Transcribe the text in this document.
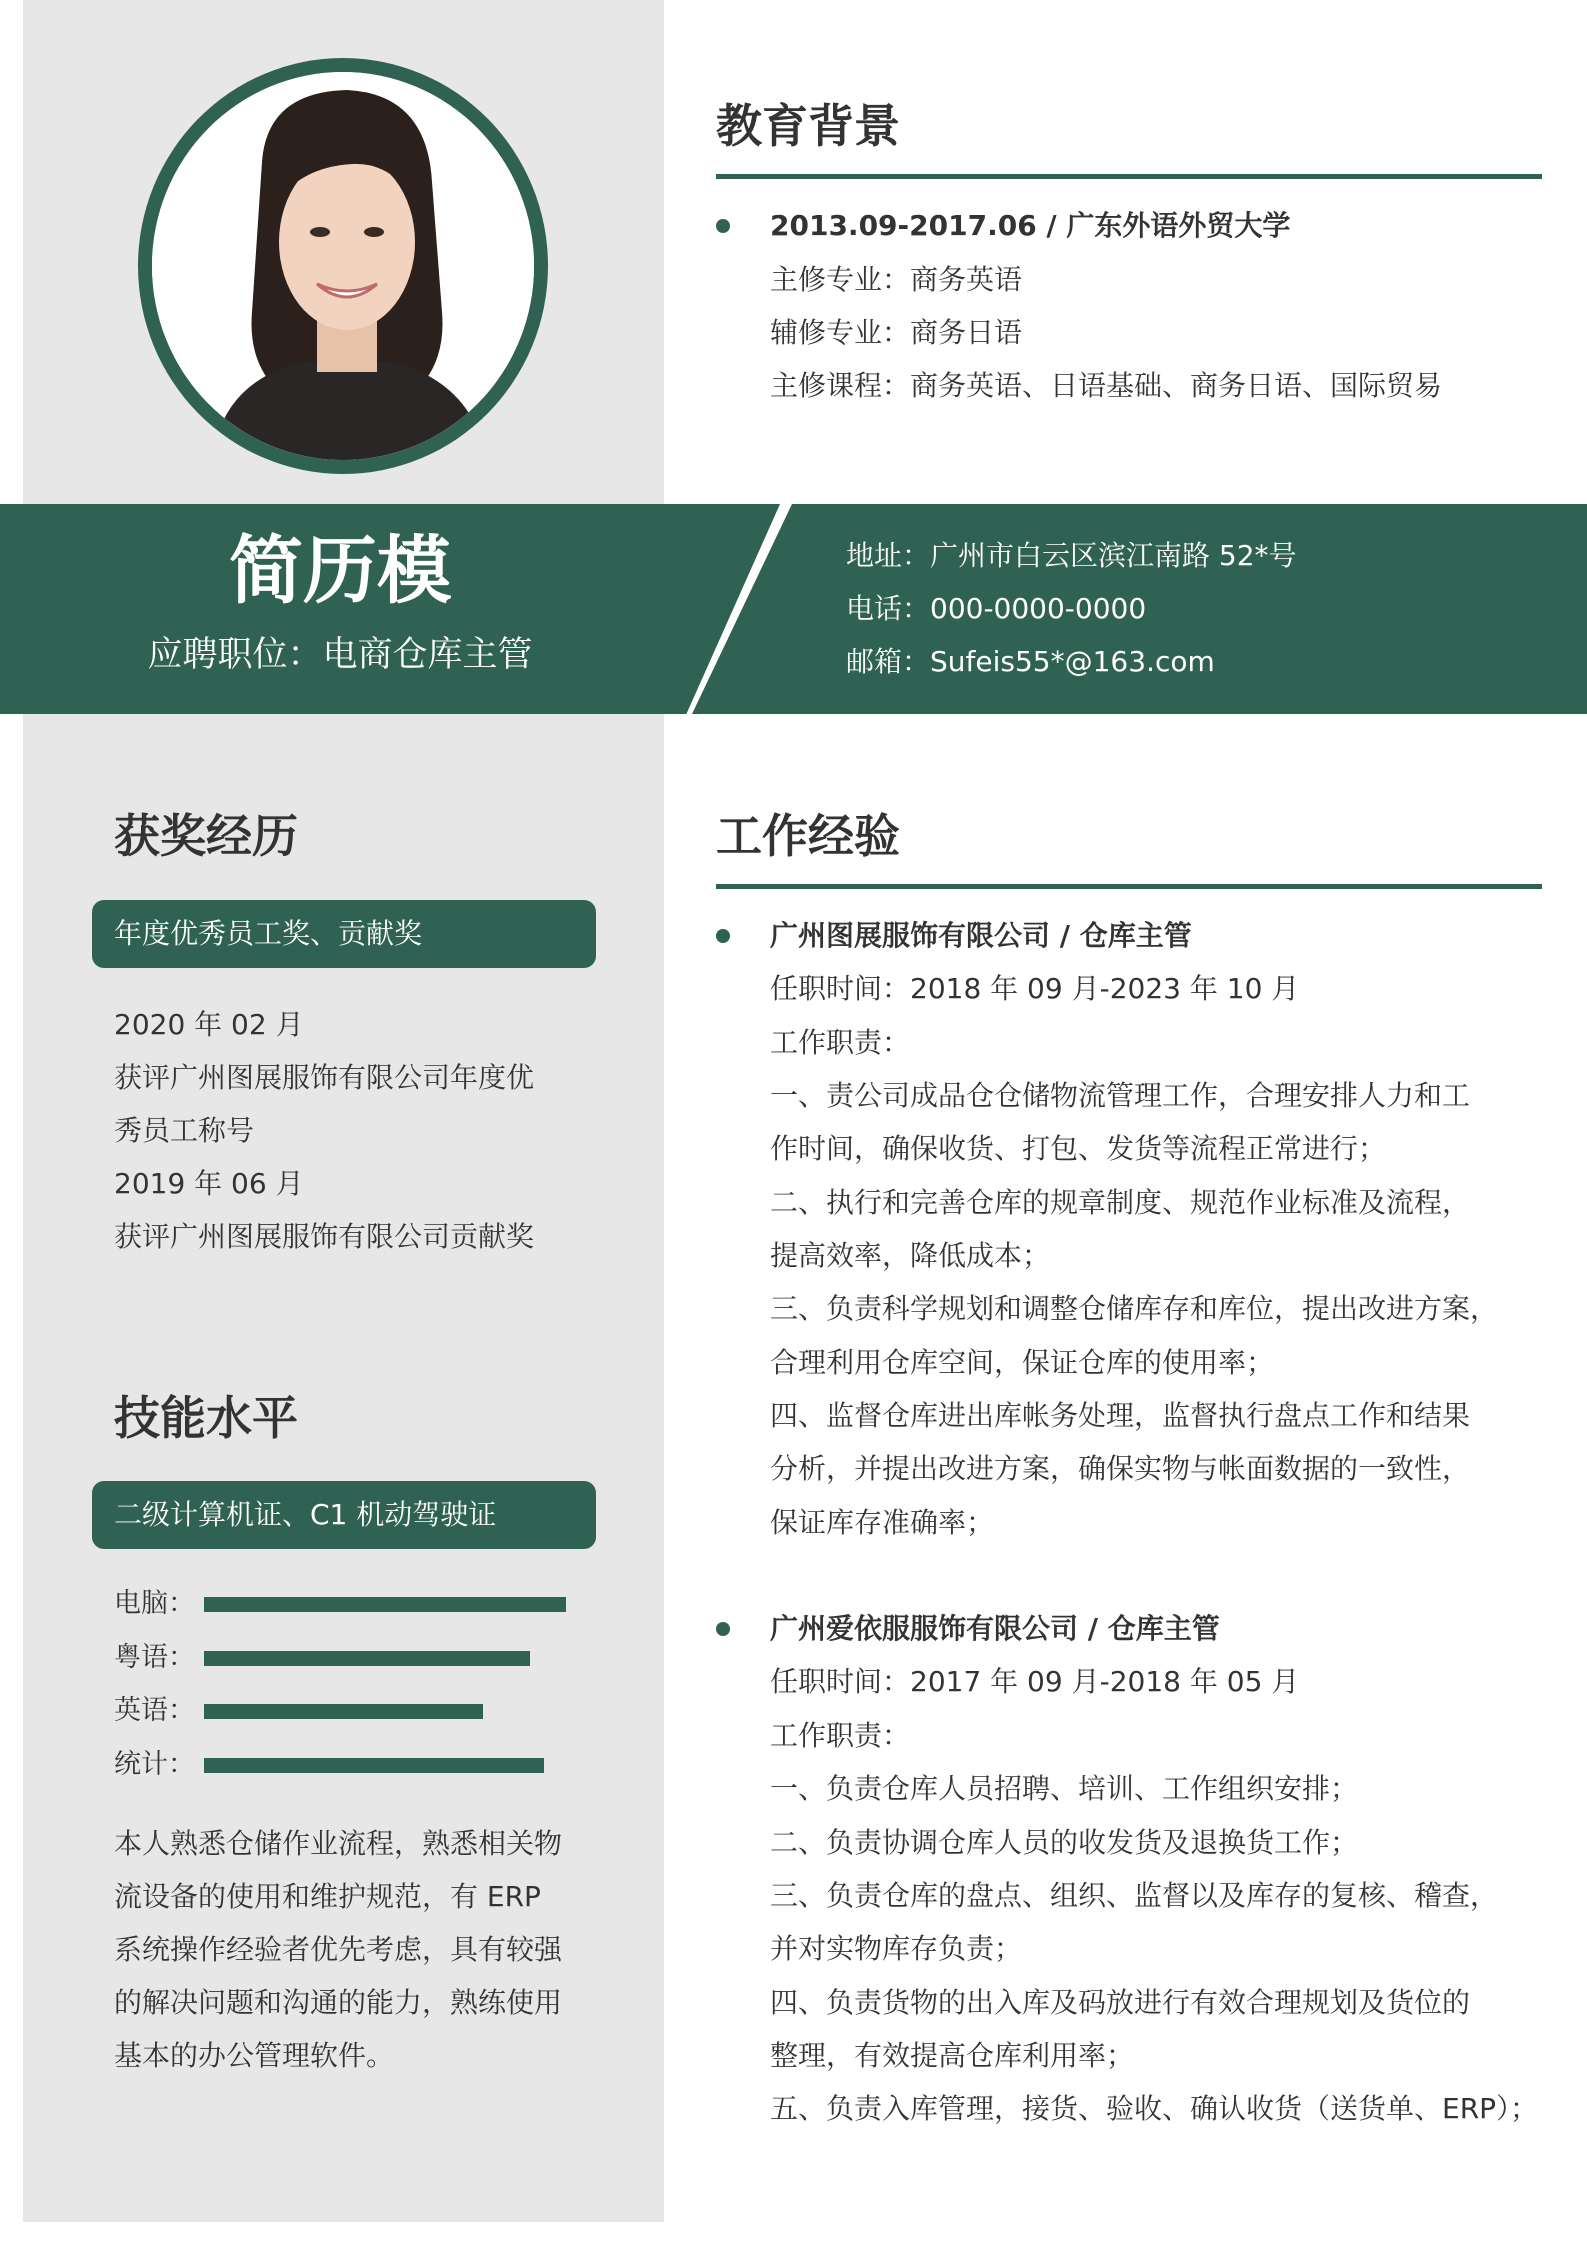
教育背景
2013.09-2017.06 / 广东外语外贸大学
主修专业：商务英语
辅修专业：商务日语
主修课程：商务英语、日语基础、商务日语、国际贸易
简历模
应聘职位：电商仓库主管
地址：广州市白云区滨江南路 52*号
电话：000-0000-0000
邮箱：Sufeis55*@163.com
获奖经历
年度优秀员工奖、贡献奖
2020 年 02 月
获评广州图展服饰有限公司年度优
秀员工称号
2019 年 06 月
获评广州图展服饰有限公司贡献奖
技能水平
二级计算机证、C1 机动驾驶证
电脑：
粤语：
英语：
统计：
本人熟悉仓储作业流程，熟悉相关物
流设备的使用和维护规范，有 ERP
系统操作经验者优先考虑，具有较强
的解决问题和沟通的能力，熟练使用
基本的办公管理软件。
工作经验
广州图展服饰有限公司 / 仓库主管
任职时间：2018 年 09 月-2023 年 10 月
工作职责：
一、责公司成品仓仓储物流管理工作，合理安排人力和工
作时间，确保收货、打包、发货等流程正常进行；
二、执行和完善仓库的规章制度、规范作业标准及流程，
提高效率，降低成本；
三、负责科学规划和调整仓储库存和库位，提出改进方案，
合理利用仓库空间，保证仓库的使用率；
四、监督仓库进出库帐务处理，监督执行盘点工作和结果
分析，并提出改进方案，确保实物与帐面数据的一致性，
保证库存准确率；
广州爱依服服饰有限公司 / 仓库主管
任职时间：2017 年 09 月-2018 年 05 月
工作职责：
一、负责仓库人员招聘、培训、工作组织安排；
二、负责协调仓库人员的收发货及退换货工作；
三、负责仓库的盘点、组织、监督以及库存的复核、稽查，
并对实物库存负责；
四、负责货物的出入库及码放进行有效合理规划及货位的
整理，有效提高仓库利用率；
五、负责入库管理，接货、验收、确认收货（送货单、ERP）；
